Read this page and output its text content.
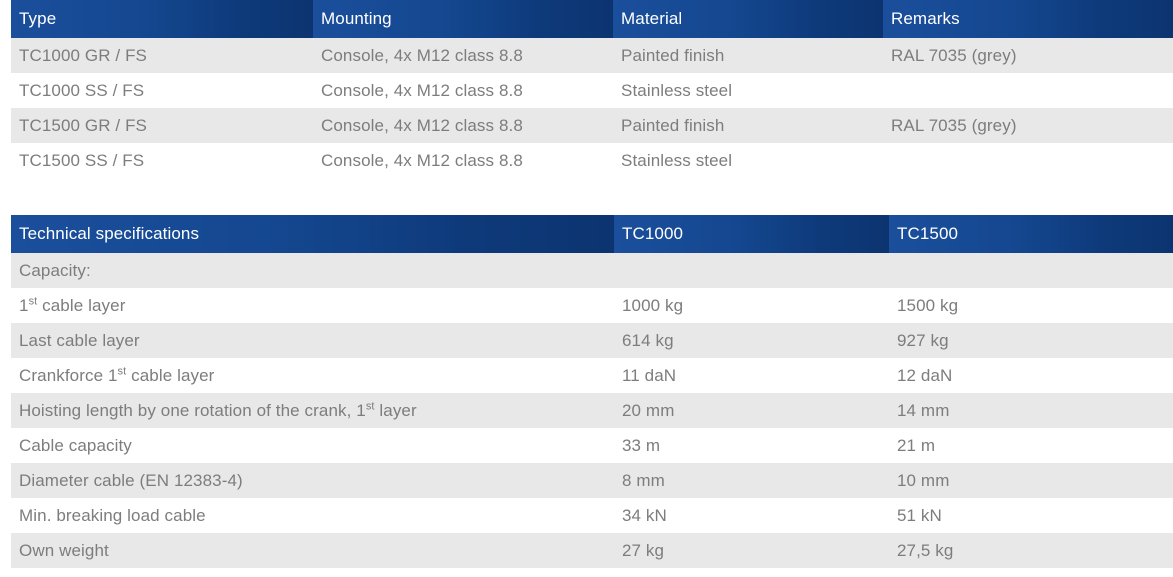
Type	Mounting	Material	Remarks
TC1000 GR / FS	Console, 4x M12 class 8.8	Painted finish	RAL 7035 (grey)
TC1000 SS / FS	Console, 4x M12 class 8.8	Stainless steel	
TC1500 GR / FS	Console, 4x M12 class 8.8	Painted finish	RAL 7035 (grey)
TC1500 SS / FS	Console, 4x M12 class 8.8	Stainless steel	
Technical specifications	TC1000	TC1500
Capacity:		
1st cable layer	1000 kg	1500 kg
Last cable layer	614 kg	927 kg
Crankforce 1st cable layer	11 daN	12 daN
Hoisting length by one rotation of the crank, 1st layer	20 mm	14 mm
Cable capacity	33 m	21 m
Diameter cable (EN 12383-4)	8 mm	10 mm
Min. breaking load cable	34 kN	51 kN
Own weight	27 kg	27,5 kg
